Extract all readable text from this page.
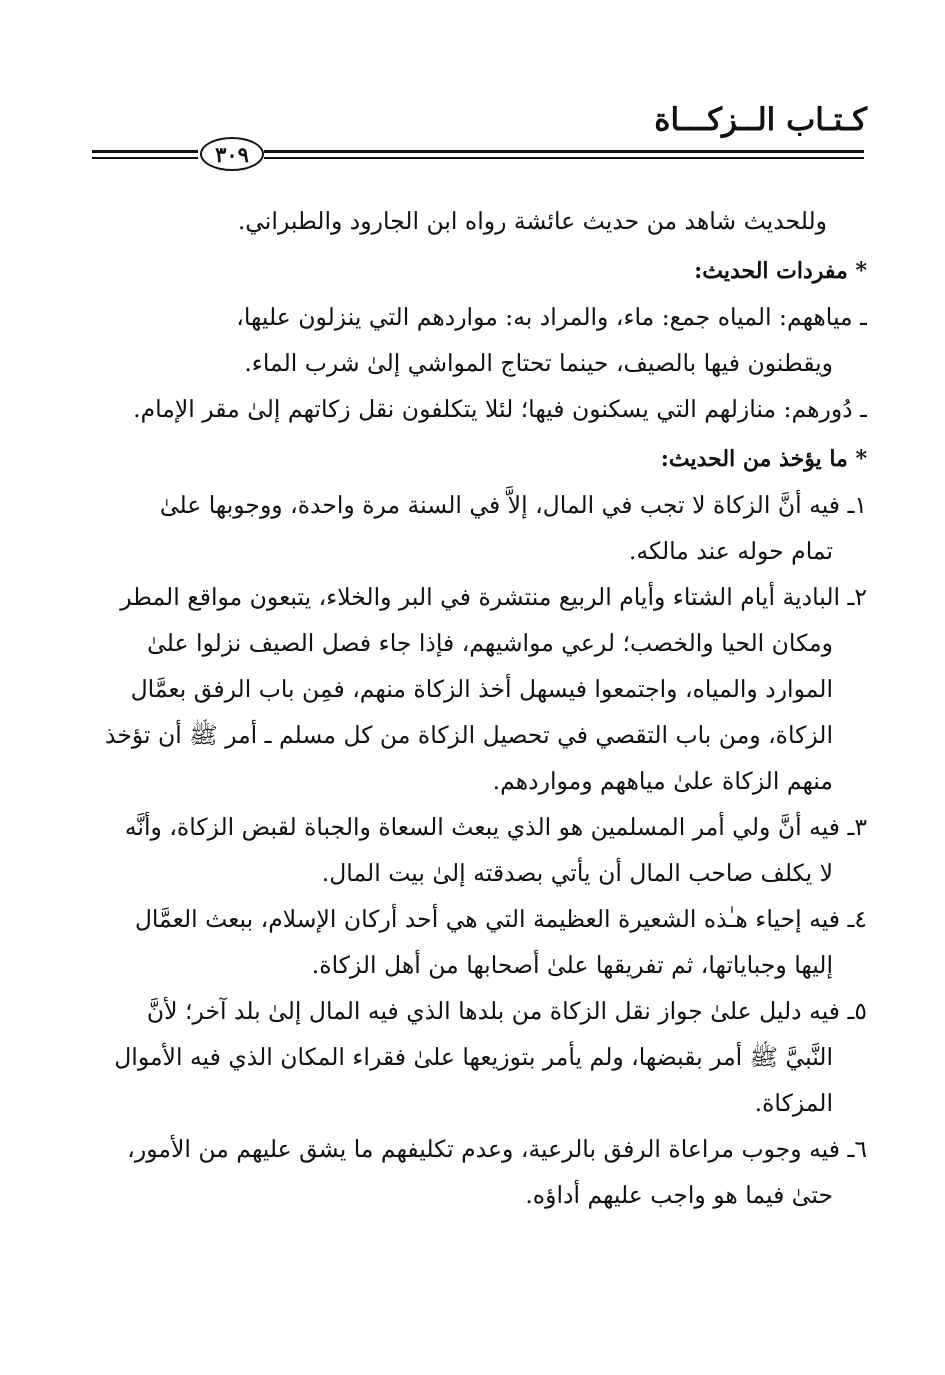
كـتـاب الــزكـــاة
٣٠٩
وللحديث شاهد من حديث عائشة رواه ابن الجارود والطبراني.
* مفردات الحديث:
ـ مياههم: المياه جمع: ماء، والمراد به: مواردهم التي ينزلون عليها،
ويقطنون فيها بالصيف، حينما تحتاج المواشي إلىٰ شرب الماء.
ـ دُورهم: منازلهم التي يسكنون فيها؛ لئلا يتكلفون نقل زكاتهم إلىٰ مقر الإمام.
* ما يؤخذ من الحديث:
١ـ فيه أنَّ الزكاة لا تجب في المال، إلاَّ في السنة مرة واحدة، ووجوبها علىٰ
تمام حوله عند مالكه.
٢ـ البادية أيام الشتاء وأيام الربيع منتشرة في البر والخلاء، يتبعون مواقع المطر
ومكان الحيا والخصب؛ لرعي مواشيهم، فإذا جاء فصل الصيف نزلوا علىٰ
الموارد والمياه، واجتمعوا فيسهل أخذ الزكاة منهم، فمِن باب الرفق بعمَّال
الزكاة، ومن باب التقصي في تحصيل الزكاة من كل مسلم ـ أمر ﷺ أن تؤخذ
منهم الزكاة علىٰ مياههم ومواردهم.
٣ـ فيه أنَّ ولي أمر المسلمين هو الذي يبعث السعاة والجباة لقبض الزكاة، وأنَّه
لا يكلف صاحب المال أن يأتي بصدقته إلىٰ بيت المال.
٤ـ فيه إحياء هـٰذه الشعيرة العظيمة التي هي أحد أركان الإسلام، ببعث العمَّال
إليها وجباياتها، ثم تفريقها علىٰ أصحابها من أهل الزكاة.
٥ـ فيه دليل علىٰ جواز نقل الزكاة من بلدها الذي فيه المال إلىٰ بلد آخر؛ لأنَّ
النَّبيَّ ﷺ أمر بقبضها، ولم يأمر بتوزيعها علىٰ فقراء المكان الذي فيه الأموال
المزكاة.
٦ـ فيه وجوب مراعاة الرفق بالرعية، وعدم تكليفهم ما يشق عليهم من الأمور،
حتىٰ فيما هو واجب عليهم أداؤه.
